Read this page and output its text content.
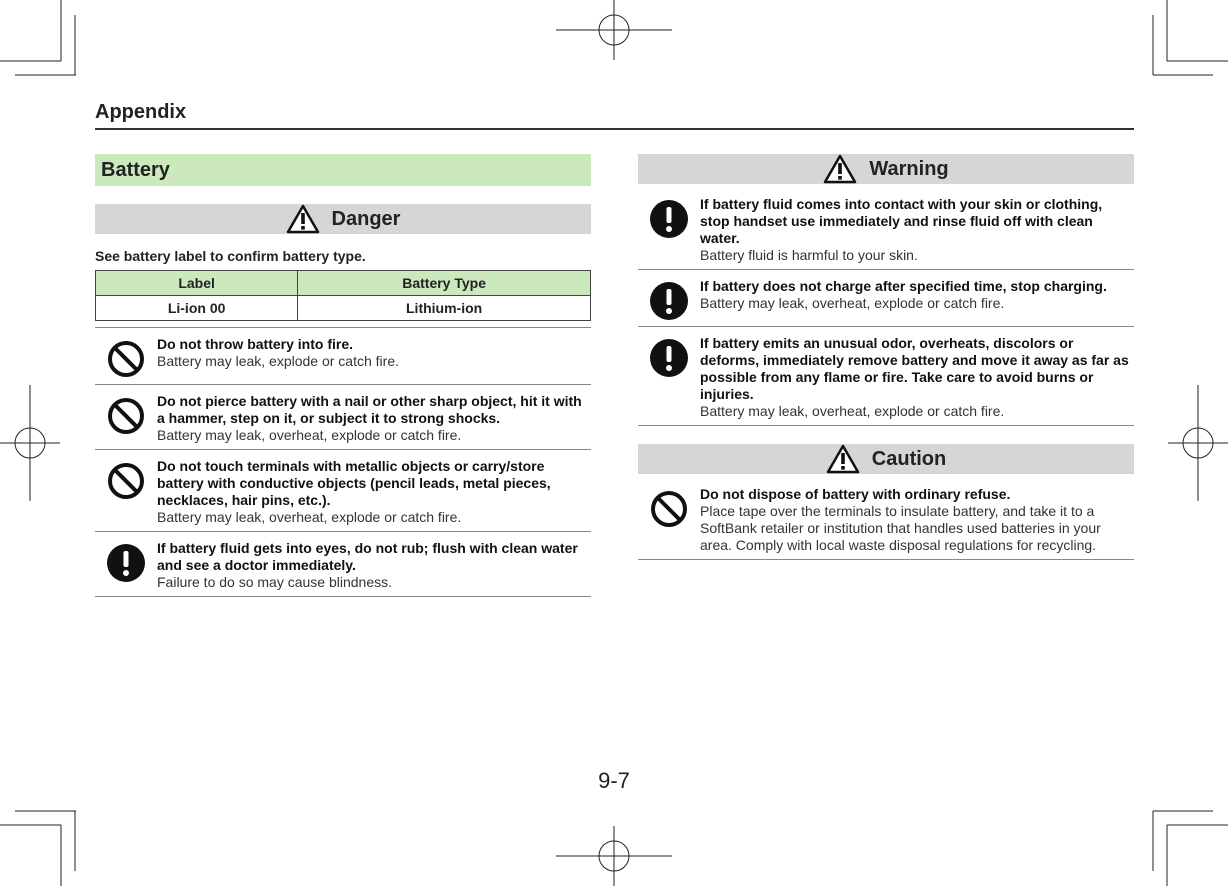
Appendix
Battery
Danger
See battery label to confirm battery type.
Label	Battery Type
Li-ion 00	Lithium-ion
Do not throw battery into fire.
Battery may leak, explode or catch fire.
Do not pierce battery with a nail or other sharp object, hit it with a hammer, step on it, or subject it to strong shocks.
Battery may leak, overheat, explode or catch fire.
Do not touch terminals with metallic objects or carry/store battery with conductive objects (pencil leads, metal pieces, necklaces, hair pins, etc.).
Battery may leak, overheat, explode or catch fire.
If battery fluid gets into eyes, do not rub; flush with clean water and see a doctor immediately.
Failure to do so may cause blindness.
Warning
If battery fluid comes into contact with your skin or clothing, stop handset use immediately and rinse fluid off with clean water.
Battery fluid is harmful to your skin.
If battery does not charge after specified time, stop charging.
Battery may leak, overheat, explode or catch fire.
If battery emits an unusual odor, overheats, discolors or deforms, immediately remove battery and move it away as far as possible from any flame or fire. Take care to avoid burns or injuries.
Battery may leak, overheat, explode or catch fire.
Caution
Do not dispose of battery with ordinary refuse.
Place tape over the terminals to insulate battery, and take it to a SoftBank retailer or institution that handles used batteries in your area. Comply with local waste disposal regulations for recycling.
9-7
